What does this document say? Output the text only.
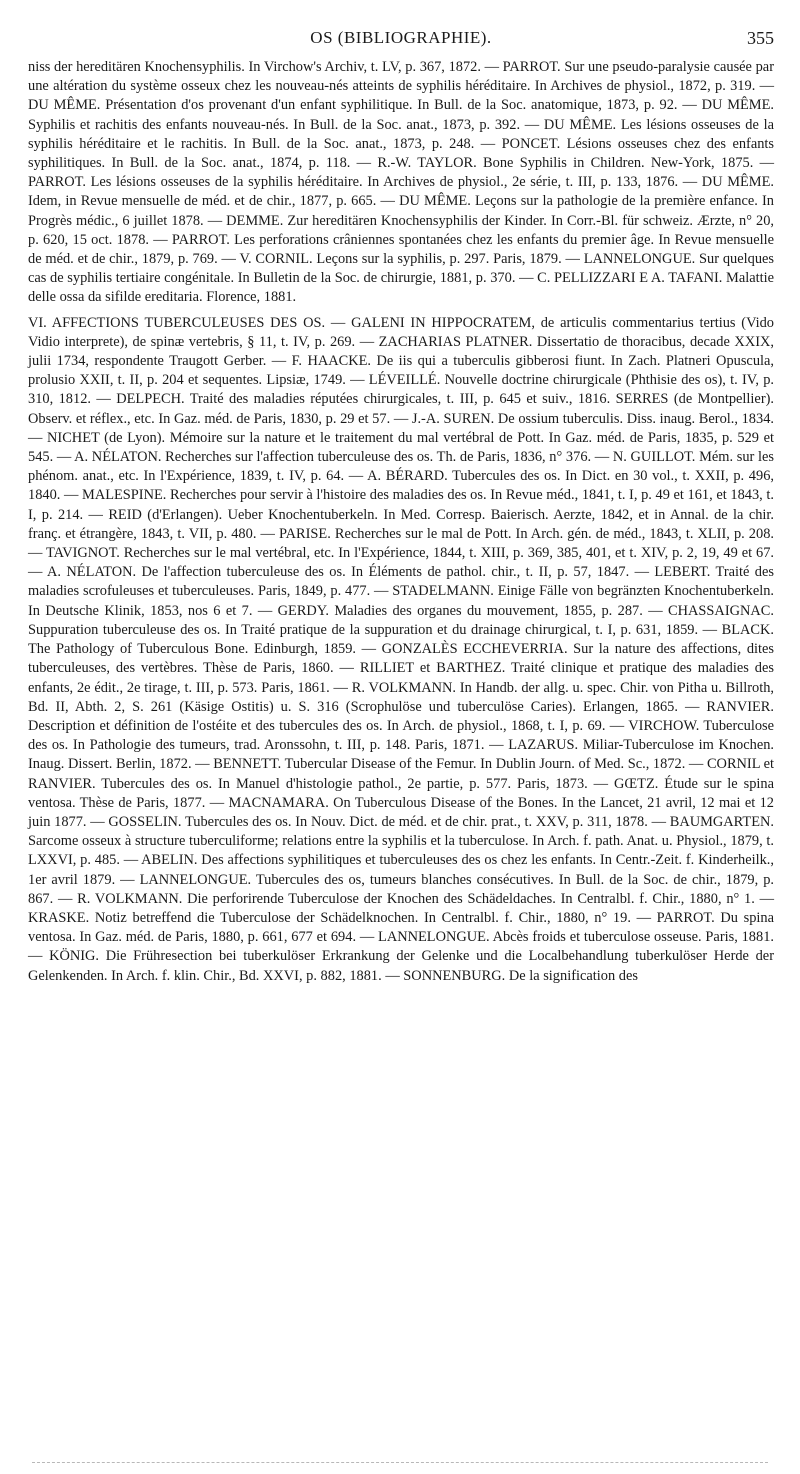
OS (BIBLIOGRAPHIE).	355

niss der hereditären Knochensyphilis. In Virchow's Archiv, t. LV, p. 367, 1872. — PARROT. Sur une pseudo-paralysie causée par une altération du système osseux chez les nouveau-nés atteints de syphilis héréditaire. In Archives de physiol., 1872, p. 319. — DU MÊME. Présentation d'os provenant d'un enfant syphilitique. In Bull. de la Soc. anatomique, 1873, p. 92. — DU MÊME. Syphilis et rachitis des enfants nouveau-nés. In Bull. de la Soc. anat., 1873, p. 392. — DU MÊME. Les lésions osseuses de la syphilis héréditaire et le rachitis. In Bull. de la Soc. anat., 1873, p. 248. — PONCET. Lésions osseuses chez des enfants syphilitiques. In Bull. de la Soc. anat., 1874, p. 118. — R.-W. TAYLOR. Bone Syphilis in Children. New-York, 1875. — PARROT. Les lésions osseuses de la syphilis héréditaire. In Archives de physiol., 2e série, t. III, p. 133, 1876. — DU MÊME. Idem, in Revue mensuelle de méd. et de chir., 1877, p. 665. — DU MÊME. Leçons sur la pathologie de la première enfance. In Progrès médic., 6 juillet 1878. — DEMME. Zur hereditären Knochensyphilis der Kinder. In Corr.-Bl. für schweiz. Ærzte, n° 20, p. 620, 15 oct. 1878. — PARROT. Les perforations crâniennes spontanées chez les enfants du premier âge. In Revue mensuelle de méd. et de chir., 1879, p. 769. — V. CORNIL. Leçons sur la syphilis, p. 297. Paris, 1879. — LANNELONGUE. Sur quelques cas de syphilis tertiaire congénitale. In Bulletin de la Soc. de chirurgie, 1881, p. 370. — C. PELLIZZARI E A. TAFANI. Malattie delle ossa da sifilde ereditaria. Florence, 1881.

VI. AFFECTIONS TUBERCULEUSES DES OS. — GALENI IN HIPPOCRATEM, de articulis commentarius tertius (Vido Vidio interprete), de spinæ vertebris, § 11, t. IV, p. 269. — ZACHARIAS PLATNER. Dissertatio de thoracibus, decade XXIX, julii 1734, respondente Traugott Gerber. — F. HAACKE. De iis qui a tuberculis gibberosi fiunt. In Zach. Platneri Opuscula, prolusio XXII, t. II, p. 204 et sequentes. Lipsiæ, 1749. — LÉVEILLÉ. Nouvelle doctrine chirurgicale (Phthisie des os), t. IV, p. 310, 1812. — DELPECH. Traité des maladies réputées chirurgicales, t. III, p. 645 et suiv., 1816. SERRES (de Montpellier). Observ. et réflex., etc. In Gaz. méd. de Paris, 1830, p. 29 et 57. — J.-A. SUREN. De ossium tuberculis. Diss. inaug. Berol., 1834. — NICHET (de Lyon). Mémoire sur la nature et le traitement du mal vertébral de Pott. In Gaz. méd. de Paris, 1835, p. 529 et 545. — A. NÉLATON. Recherches sur l'affection tuberculeuse des os. Th. de Paris, 1836, n° 376. — N. GUILLOT. Mém. sur les phénom. anat., etc. In l'Expérience, 1839, t. IV, p. 64. — A. BÉRARD. Tubercules des os. In Dict. en 30 vol., t. XXII, p. 496, 1840. — MALESPINE. Recherches pour servir à l'histoire des maladies des os. In Revue méd., 1841, t. I, p. 49 et 161, et 1843, t. I, p. 214. — REID (d'Erlangen). Ueber Knochentuberkeln. In Med. Corresp. Baierisch. Aerzte, 1842, et in Annal. de la chir. franç. et étrangère, 1843, t. VII, p. 480. — PARISE. Recherches sur le mal de Pott. In Arch. gén. de méd., 1843, t. XLII, p. 208. — TAVIGNOT. Recherches sur le mal vertébral, etc. In l'Expérience, 1844, t. XIII, p. 369, 385, 401, et t. XIV, p. 2, 19, 49 et 67. — A. NÉLATON. De l'affection tuberculeuse des os. In Éléments de pathol. chir., t. II, p. 57, 1847. — LEBERT. Traité des maladies scrofuleuses et tuberculeuses. Paris, 1849, p. 477. — STADELMANN. Einige Fälle von begränzten Knochentuberkeln. In Deutsche Klinik, 1853, nos 6 et 7. — GERDY. Maladies des organes du mouvement, 1855, p. 287. — CHASSAIGNAC. Suppuration tuberculeuse des os. In Traité pratique de la suppuration et du drainage chirurgical, t. I, p. 631, 1859. — BLACK. The Pathology of Tuberculous Bone. Edinburgh, 1859. — GONZALÈS ECCHEVERRIA. Sur la nature des affections, dites tuberculeuses, des vertèbres. Thèse de Paris, 1860. — RILLIET et BARTHEZ. Traité clinique et pratique des maladies des enfants, 2e édit., 2e tirage, t. III, p. 573. Paris, 1861. — R. VOLKMANN. In Handb. der allg. u. spec. Chir. von Pitha u. Billroth, Bd. II, Abth. 2, S. 261 (Käsige Ostitis) u. S. 316 (Scrophulöse und tuberculöse Caries). Erlangen, 1865. — RANVIER. Description et définition de l'ostéite et des tubercules des os. In Arch. de physiol., 1868, t. I, p. 69. — VIRCHOW. Tuberculose des os. In Pathologie des tumeurs, trad. Aronssohn, t. III, p. 148. Paris, 1871. — LAZARUS. Miliar-Tuberculose im Knochen. Inaug. Dissert. Berlin, 1872. — BENNETT. Tubercular Disease of the Femur. In Dublin Journ. of Med. Sc., 1872. — CORNIL et RANVIER. Tubercules des os. In Manuel d'histologie pathol., 2e partie, p. 577. Paris, 1873. — GŒTZ. Étude sur le spina ventosa. Thèse de Paris, 1877. — MACNAMARA. On Tuberculous Disease of the Bones. In the Lancet, 21 avril, 12 mai et 12 juin 1877. — GOSSELIN. Tubercules des os. In Nouv. Dict. de méd. et de chir. prat., t. XXV, p. 311, 1878. — BAUMGARTEN. Sarcome osseux à structure tuberculiforme; relations entre la syphilis et la tuberculose. In Arch. f. path. Anat. u. Physiol., 1879, t. LXXVI, p. 485. — ABELIN. Des affections syphilitiques et tuberculeuses des os chez les enfants. In Centr.-Zeit. f. Kinderheilk., 1er avril 1879. — LANNELONGUE. Tubercules des os, tumeurs blanches consécutives. In Bull. de la Soc. de chir., 1879, p. 867. — R. VOLKMANN. Die perforirende Tuberculose der Knochen des Schädeldaches. In Centralbl. f. Chir., 1880, n° 1. — KRASKE. Notiz betreffend die Tuberculose der Schädelknochen. In Centralbl. f. Chir., 1880, n° 19. — PARROT. Du spina ventosa. In Gaz. méd. de Paris, 1880, p. 661, 677 et 694. — LANNELONGUE. Abcès froids et tuberculose osseuse. Paris, 1881. — KÖNIG. Die Frühresection bei tuberkulöser Erkrankung der Gelenke und die Localbehandlung tuberkulöser Herde der Gelenkenden. In Arch. f. klin. Chir., Bd. XXVI, p. 882, 1881. — SONNENBURG. De la signification des
